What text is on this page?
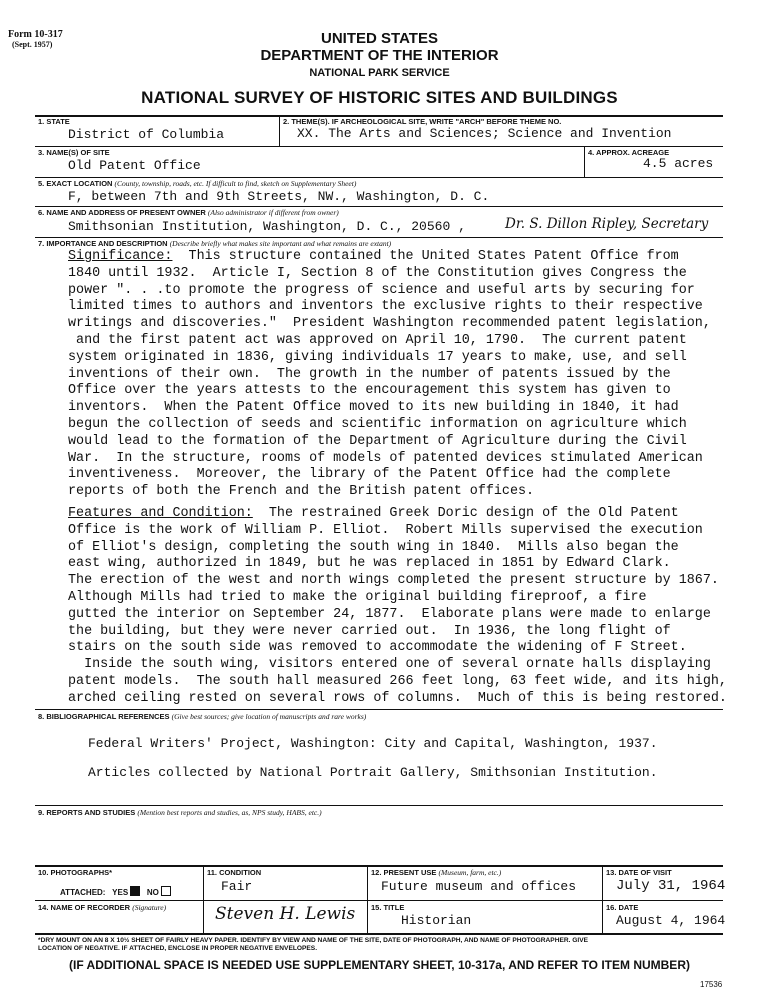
Form 10-317
(Sept. 1957)	UNITED STATES
DEPARTMENT OF THE INTERIOR
NATIONAL PARK SERVICE
NATIONAL SURVEY OF HISTORIC SITES AND BUILDINGS
1. STATE
District of Columbia
2. THEME(S). IF ARCHEOLOGICAL SITE, WRITE "ARCH" BEFORE THEME NO.
XX. The Arts and Sciences; Science and Invention
3. NAME(S) OF SITE
Old Patent Office
4. APPROX. ACREAGE
4.5 acres
5. EXACT LOCATION (County, township, roads, etc. If difficult to find, sketch on Supplementary Sheet)
F, between 7th and 9th Streets, NW., Washington, D. C.
6. NAME AND ADDRESS OF PRESENT OWNER (Also administrator if different from owner)
Smithsonian Institution, Washington, D. C., 20560 ,	Dr. S. Dillon Ripley, Secretary
7. IMPORTANCE AND DESCRIPTION (Describe briefly what makes site important and what remains are extant)
Significance:  This structure contained the United States Patent Office from
1840 until 1932.  Article I, Section 8 of the Constitution gives Congress the
power ". . .to promote the progress of science and useful arts by securing for
limited times to authors and inventors the exclusive rights to their respective
writings and discoveries."  President Washington recommended patent legislation,
and the first patent act was approved on April 10, 1790.  The current patent
system originated in 1836, giving individuals 17 years to make, use, and sell
inventions of their own.  The growth in the number of patents issued by the
Office over the years attests to the encouragement this system has given to
inventors.  When the Patent Office moved to its new building in 1840, it had
begun the collection of seeds and scientific information on agriculture which
would lead to the formation of the Department of Agriculture during the Civil
War.  In the structure, rooms of models of patented devices stimulated American
inventiveness.  Moreover, the library of the Patent Office had the complete
reports of both the French and the British patent offices.
Features and Condition:  The restrained Greek Doric design of the Old Patent
Office is the work of William P. Elliot.  Robert Mills supervised the execution
of Elliot's design, completing the south wing in 1840.  Mills also began the
east wing, authorized in 1849, but he was replaced in 1851 by Edward Clark.
The erection of the west and north wings completed the present structure by 1867.
Although Mills had tried to make the original building fireproof, a fire
gutted the interior on September 24, 1877.  Elaborate plans were made to enlarge
the building, but they were never carried out.  In 1936, the long flight of
stairs on the south side was removed to accommodate the widening of F Street.
Inside the south wing, visitors entered one of several ornate halls displaying
patent models.  The south hall measured 266 feet long, 63 feet wide, and its high,
arched ceiling rested on several rows of columns.  Much of this is being restored.
8. BIBLIOGRAPHICAL REFERENCES (Give best sources; give location of manuscripts and rare works)
Federal Writers' Project, Washington: City and Capital, Washington, 1937.
Articles collected by National Portrait Gallery, Smithsonian Institution.
9. REPORTS AND STUDIES (Mention best reports and studies, as, NPS study, HABS, etc.)
10. PHOTOGRAPHS*
ATTACHED: YES NO
11. CONDITION
Fair
12. PRESENT USE (Museum, farm, etc.)
Future museum and offices
13. DATE OF VISIT
July 31, 1964
14. NAME OF RECORDER (Signature)	Steven H. Lewis 15. TITLE
Historian
16. DATE
August 4, 1964
*DRY MOUNT ON AN 8 X 10½ SHEET OF FAIRLY HEAVY PAPER. IDENTIFY BY VIEW AND NAME OF THE SITE, DATE OF PHOTOGRAPH, AND NAME OF PHOTOGRAPHER. GIVE
LOCATION OF NEGATIVE. IF ATTACHED, ENCLOSE IN PROPER NEGATIVE ENVELOPES.
(IF ADDITIONAL SPACE IS NEEDED USE SUPPLEMENTARY SHEET, 10-317a, AND REFER TO ITEM NUMBER)
17536
